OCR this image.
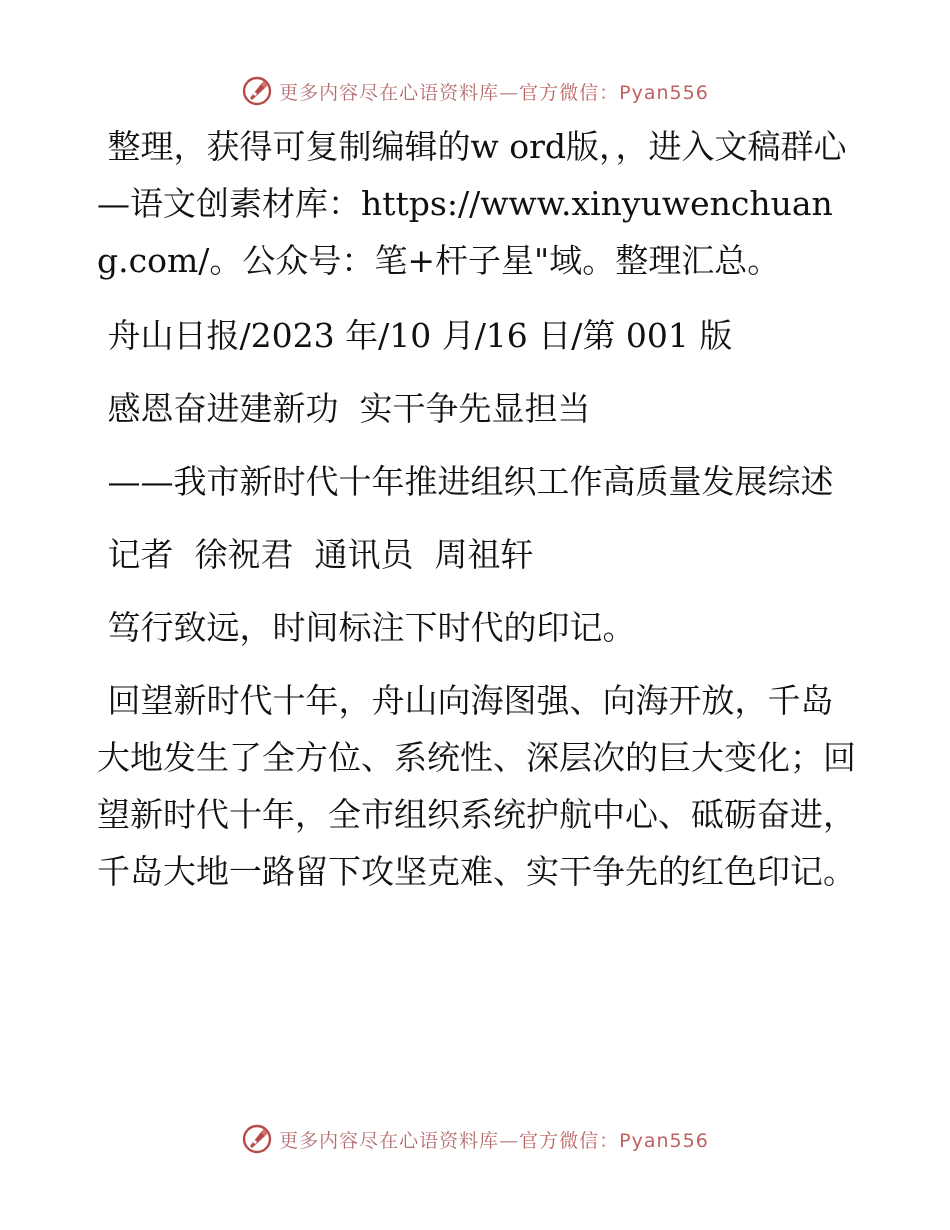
更多内容尽在心语资料库—官方微信：Pyan556

整理，获得可复制编辑的w ord版，，进入文稿群心—语文创素材库：https://www.xinyuwenchuang.com/。公众号：笔+杆子星"域。整理汇总。

舟山日报/2023 年/10 月/16 日/第 001 版

感恩奋进建新功  实干争先显担当

——我市新时代十年推进组织工作高质量发展综述

记者  徐祝君  通讯员  周祖轩

笃行致远，时间标注下时代的印记。

回望新时代十年，舟山向海图强、向海开放，千岛大地发生了全方位、系统性、深层次的巨大变化；回望新时代十年，全市组织系统护航中心、砥砺奋进，千岛大地一路留下攻坚克难、实干争先的红色印记。

更多内容尽在心语资料库—官方微信：Pyan556
